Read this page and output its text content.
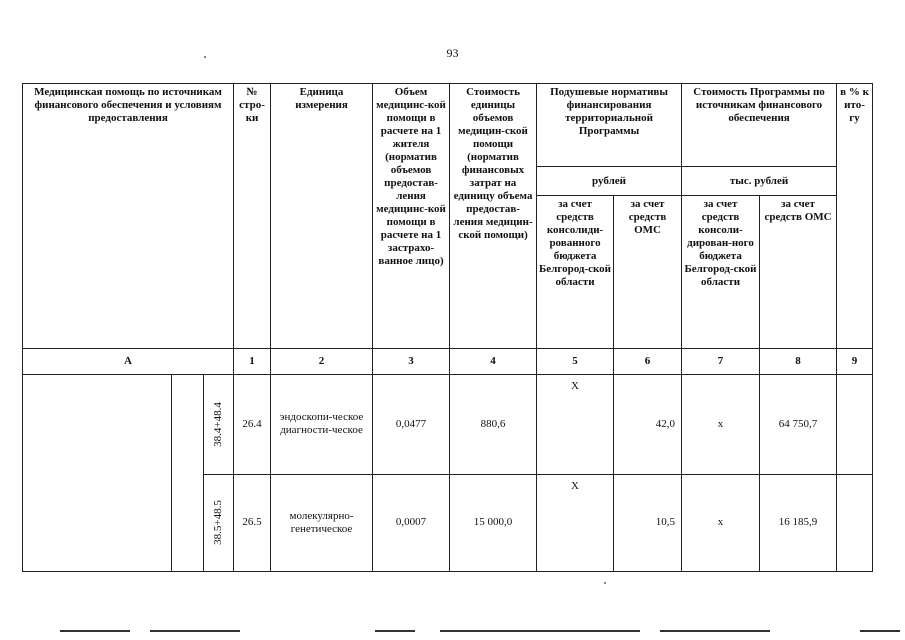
93
Медицинская помощь по источникам финансового обеспечения и условиям предоставления			№ стро-ки	Единица измерения	Объем медицинс-кой помощи в расчете на 1 жителя (норматив объемов предостав-ления медицинс-кой помощи в расчете на 1 застрахо-ванное лицо)	Стоимость единицы объемов медицин-ской помощи (норматив финансовых затрат на единицу объема предостав-ления медицин-ской помощи)	Подушевые нормативы финансирования территориальной Программы		Стоимость Программы по источникам финансового обеспечения		в % к ито-гу
							рублей		тыс. рублей		
							за счет средств консолиди-рованного бюджета Белгород-ской области	за счет средств ОМС	за счет средств консоли-дирован-ного бюджета Белгород-ской области	за счет средств ОМС	
А			1	2	3	4	5	6	7	8	9

		38.4+48.4	26.4	эндоскопи-ческое диагности-ческое	0,0477	880,6	Х	42,0	х	64 750,7	

		38.5+48.5	26.5	молекулярно-генетическое	0,0007	15 000,0	Х	10,5	х	16 185,9	
